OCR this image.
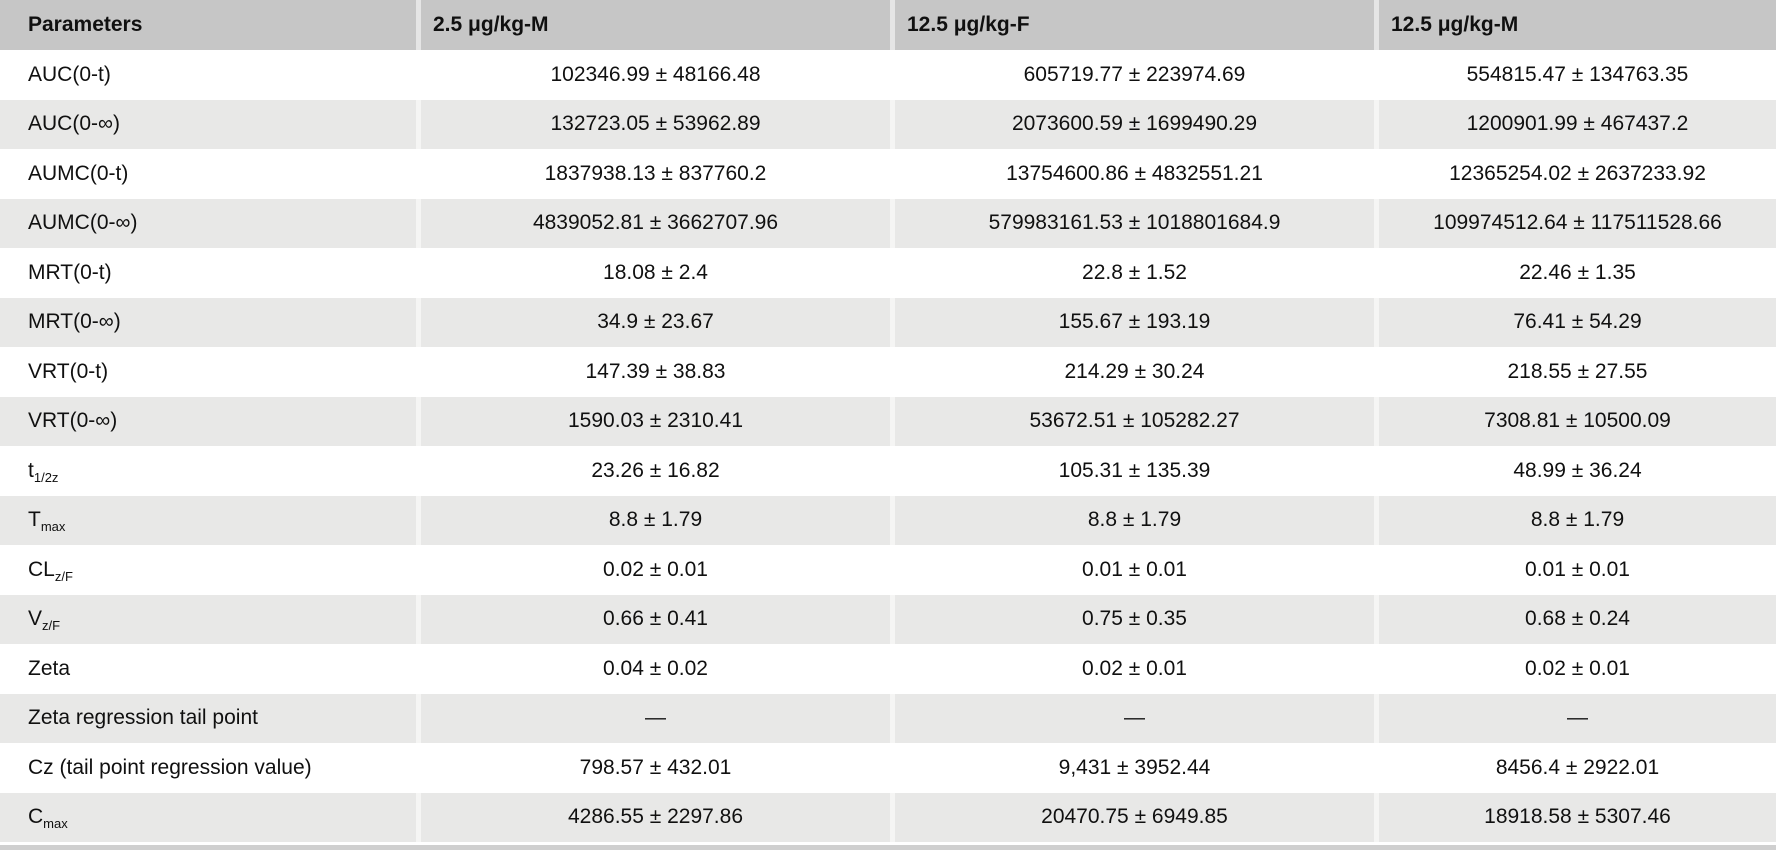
Parameters	2.5 μg/kg-M	12.5 μg/kg-F	12.5 μg/kg-M
AUC(0-t)	102346.99 ± 48166.48	605719.77 ± 223974.69	554815.47 ± 134763.35
AUC(0-∞)	132723.05 ± 53962.89	2073600.59 ± 1699490.29	1200901.99 ± 467437.2
AUMC(0-t)	1837938.13 ± 837760.2	13754600.86 ± 4832551.21	12365254.02 ± 2637233.92
AUMC(0-∞)	4839052.81 ± 3662707.96	579983161.53 ± 1018801684.9	109974512.64 ± 117511528.66
MRT(0-t)	18.08 ± 2.4	22.8 ± 1.52	22.46 ± 1.35
MRT(0-∞)	34.9 ± 23.67	155.67 ± 193.19	76.41 ± 54.29
VRT(0-t)	147.39 ± 38.83	214.29 ± 30.24	218.55 ± 27.55
VRT(0-∞)	1590.03 ± 2310.41	53672.51 ± 105282.27	7308.81 ± 10500.09
$t_{1/2z}$	23.26 ± 16.82	105.31 ± 135.39	48.99 ± 36.24
$T_{max}$	8.8 ± 1.79	8.8 ± 1.79	8.8 ± 1.79
$CL_{z/F}$	0.02 ± 0.01	0.01 ± 0.01	0.01 ± 0.01
$V_{z/F}$	0.66 ± 0.41	0.75 ± 0.35	0.68 ± 0.24
Zeta	0.04 ± 0.02	0.02 ± 0.01	0.02 ± 0.01
Zeta regression tail point	—	—	—
Cz (tail point regression value)	798.57 ± 432.01	9,431 ± 3952.44	8456.4 ± 2922.01
$C_{max}$	4286.55 ± 2297.86	20470.75 ± 6949.85	18918.58 ± 5307.46
